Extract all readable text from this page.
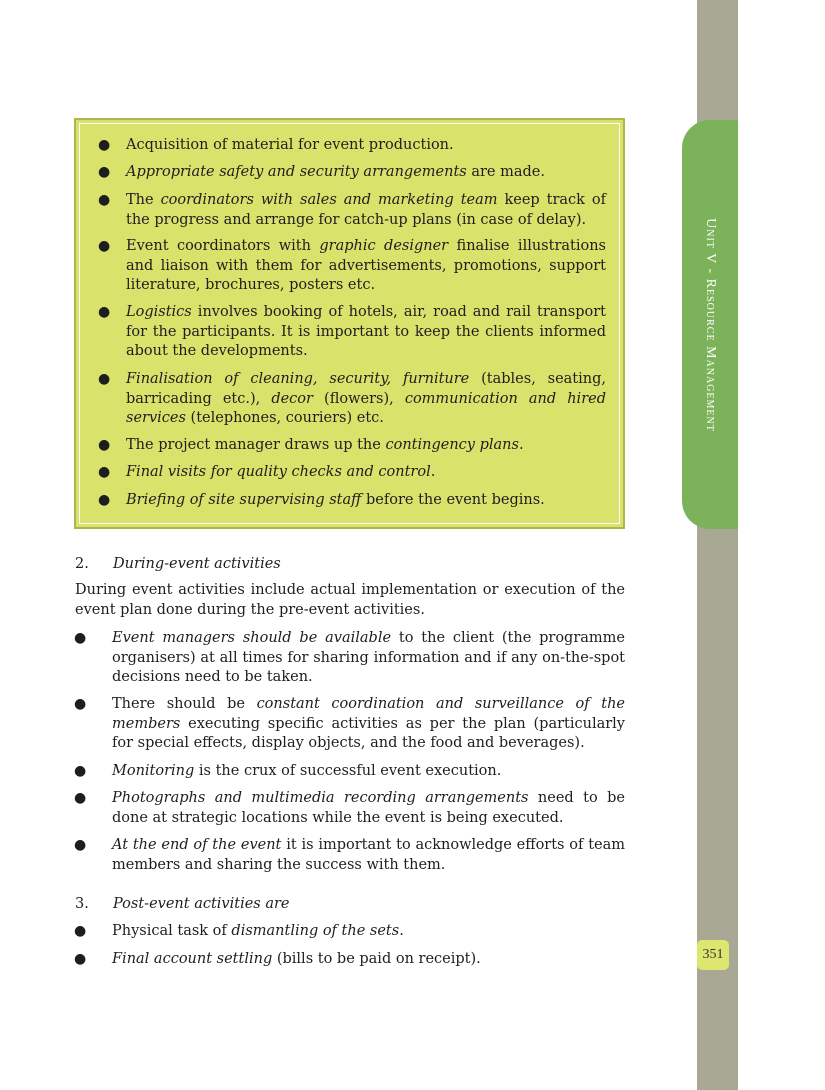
Unit V - Resource Management
351
● Acquisition of material for event production.
● Appropriate safety and security arrangements are made.
● The coordinators with sales and marketing team keep track of the progress and arrange for catch-up plans (in case of delay).
● Event coordinators with graphic designer finalise illustrations and liaison with them for advertisements, promotions, support literature, brochures, posters etc.
● Logistics involves booking of hotels, air, road and rail transport for the participants. It is important to keep the clients informed about the developments.
● Finalisation of cleaning, security, furniture (tables, seating, barricading etc.), decor (flowers), communication and hired services (telephones, couriers) etc.
● The project manager draws up the contingency plans.
● Final visits for quality checks and control.
● Briefing of site supervising staff before the event begins.
2. During-event activities
During event activities include actual implementation or execution of the event plan done during the pre-event activities.
● Event managers should be available to the client (the programme organisers) at all times for sharing information and if any on-the-spot decisions need to be taken.
● There should be constant coordination and surveillance of the members executing specific activities as per the plan (particularly for special effects, display objects, and the food and beverages).
● Monitoring is the crux of successful event execution.
● Photographs and multimedia recording arrangements need to be done at strategic locations while the event is being executed.
● At the end of the event it is important to acknowledge efforts of team members and sharing the success with them.
3. Post-event activities are
● Physical task of dismantling of the sets.
● Final account settling (bills to be paid on receipt).
